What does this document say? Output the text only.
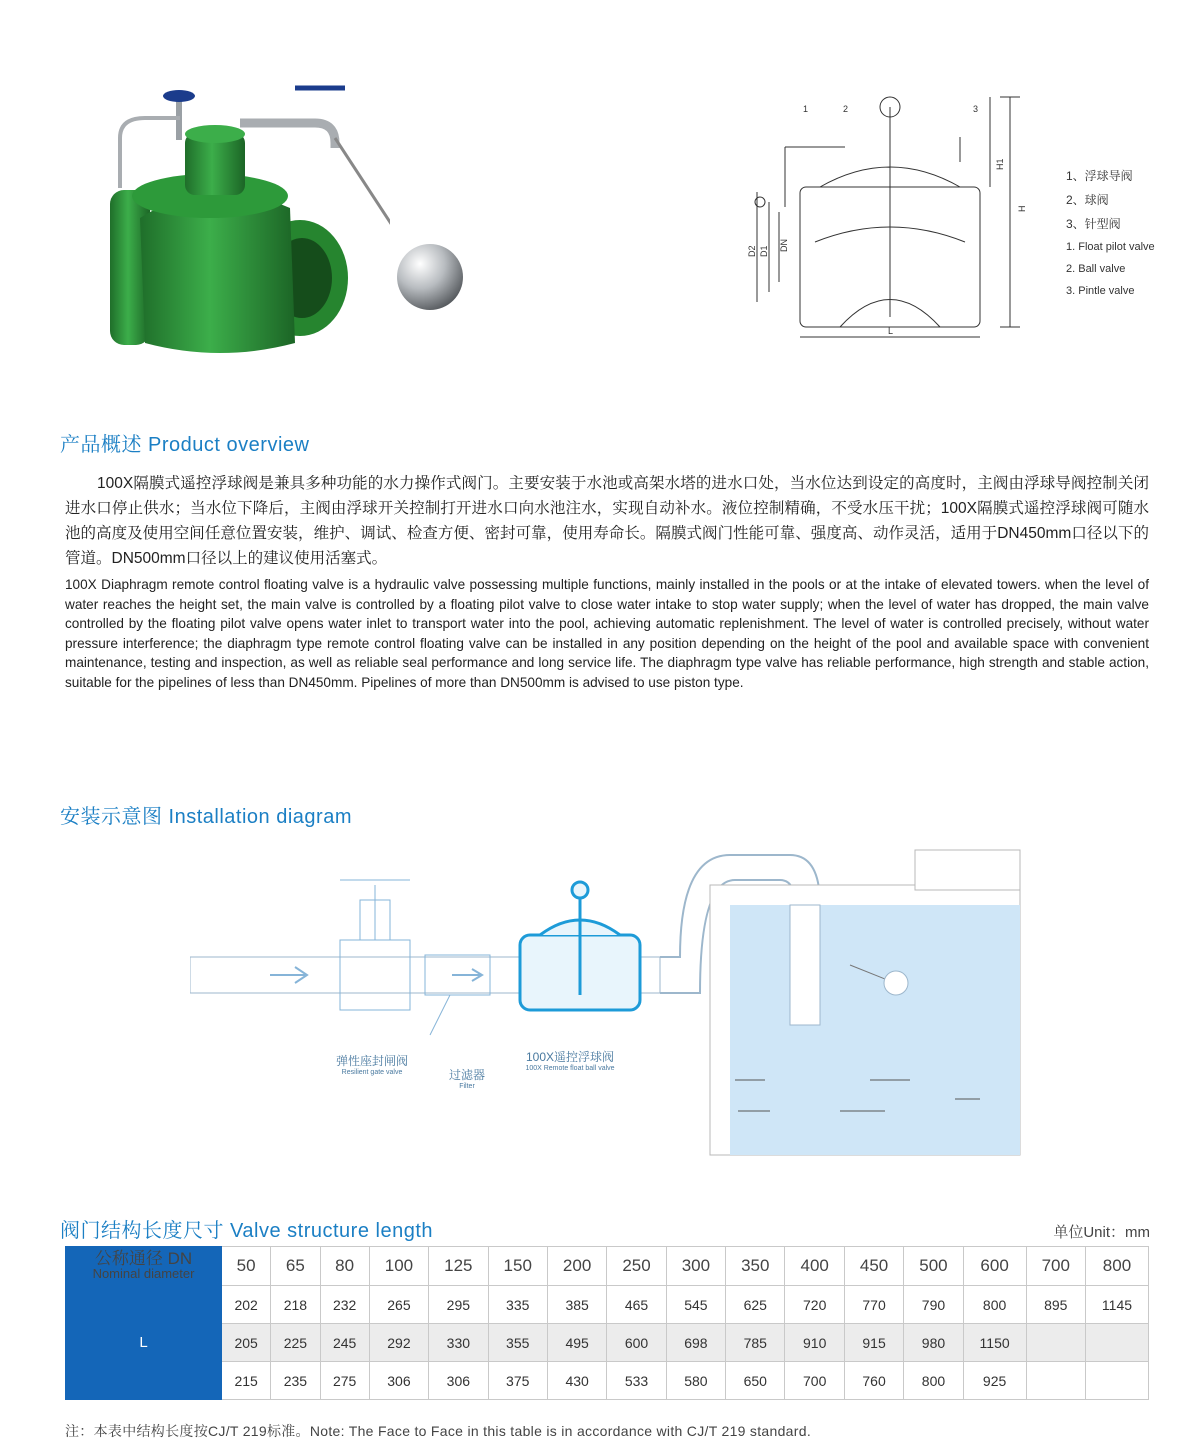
1	2	3
H1
H
D2 D1 DN
L
1、浮球导阀
2、球阀
3、针型阀
1. Float pilot valve
2. Ball valve
3. Pintle valve
产品概述 Product overview
100X隔膜式遥控浮球阀是兼具多种功能的水力操作式阀门。主要安装于水池或高架水塔的进水口处，当水位达到设定的高度时，主阀由浮球导阀控制关闭进水口停止供水；当水位下降后，主阀由浮球开关控制打开进水口向水池注水，实现自动补水。液位控制精确，不受水压干扰；100X隔膜式遥控浮球阀可随水池的高度及使用空间任意位置安装，维护、调试、检查方便、密封可靠，使用寿命长。隔膜式阀门性能可靠、强度高、动作灵活，适用于DN450mm口径以下的管道。DN500mm口径以上的建议使用活塞式。
100X Diaphragm remote control floating valve is a hydraulic valve possessing multiple functions, mainly installed in the pools or at the intake of elevated towers. when the level of water reaches the height set, the main valve is controlled by a floating pilot valve to close water intake to stop water supply; when the level of water has dropped, the main valve controlled by the floating pilot valve opens water inlet to transport water into the pool, achieving automatic replenishment. The level of water is controlled precisely, without water pressure interference; the diaphragm type remote control floating valve can be installed in any position depending on the height of the pool and available space with convenient maintenance, testing and inspection, as well as reliable seal performance and long service life. The diaphragm type valve has reliable performance, high strength and stable action, suitable for the pipelines of less than DN450mm. Pipelines of more than DN500mm is advised to use piston type.
安装示意图 Installation diagram
弹性座封闸阀
Resilient gate valve	过滤器
Filter
100X遥控浮球阀
100X Remote float ball valve
阀门结构长度尺寸 Valve structure length	单位Unit：mm
公称通径 DN
Nominal diameter	50	65	80	100	125	150	200	250	300	350	400	450	500	600	700	800
L	202	218	232	265	295	335	385	465	545	625	720	770	790	800	895	1145
	205	225	245	292	330	355	495	600	698	785	910	915	980	1150		
	215	235	275	306	306	375	430	533	580	650	700	760	800	925		
注：本表中结构长度按CJ/T 219标准。Note: The Face to Face in this table is in accordance with CJ/T 219 standard.
